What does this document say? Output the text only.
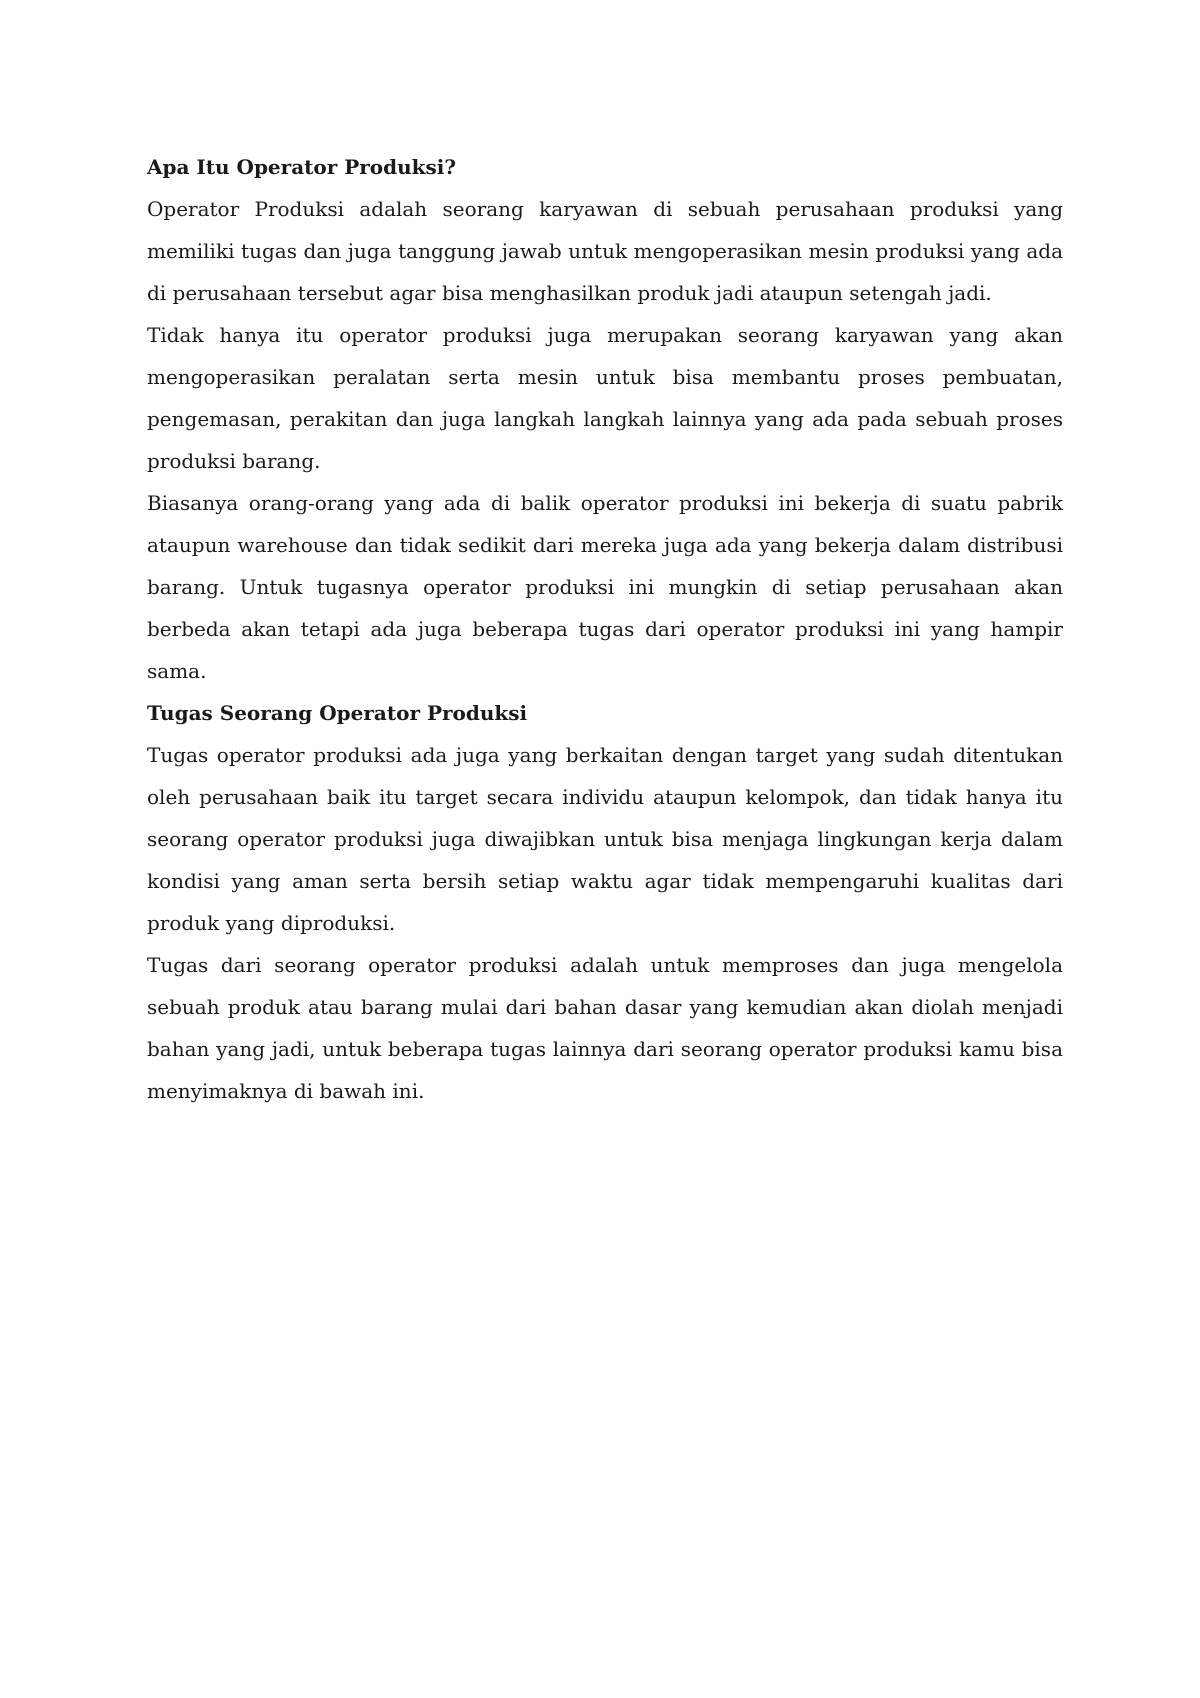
Apa Itu Operator Produksi?

Operator Produksi adalah seorang karyawan di sebuah perusahaan produksi yang memiliki tugas dan juga tanggung jawab untuk mengoperasikan mesin produksi yang ada di perusahaan tersebut agar bisa menghasilkan produk jadi ataupun setengah jadi.

Tidak hanya itu operator produksi juga merupakan seorang karyawan yang akan mengoperasikan peralatan serta mesin untuk bisa membantu proses pembuatan, pengemasan, perakitan dan juga langkah langkah lainnya yang ada pada sebuah proses produksi barang.

Biasanya orang-orang yang ada di balik operator produksi ini bekerja di suatu pabrik ataupun warehouse dan tidak sedikit dari mereka juga ada yang bekerja dalam distribusi barang. Untuk tugasnya operator produksi ini mungkin di setiap perusahaan akan berbeda akan tetapi ada juga beberapa tugas dari operator produksi ini yang hampir sama.

Tugas Seorang Operator Produksi

Tugas operator produksi ada juga yang berkaitan dengan target yang sudah ditentukan oleh perusahaan baik itu target secara individu ataupun kelompok, dan tidak hanya itu seorang operator produksi juga diwajibkan untuk bisa menjaga lingkungan kerja dalam kondisi yang aman serta bersih setiap waktu agar tidak mempengaruhi kualitas dari produk yang diproduksi.

Tugas dari seorang operator produksi adalah untuk memproses dan juga mengelola sebuah produk atau barang mulai dari bahan dasar yang kemudian akan diolah menjadi bahan yang jadi, untuk beberapa tugas lainnya dari seorang operator produksi kamu bisa menyimaknya di bawah ini.
